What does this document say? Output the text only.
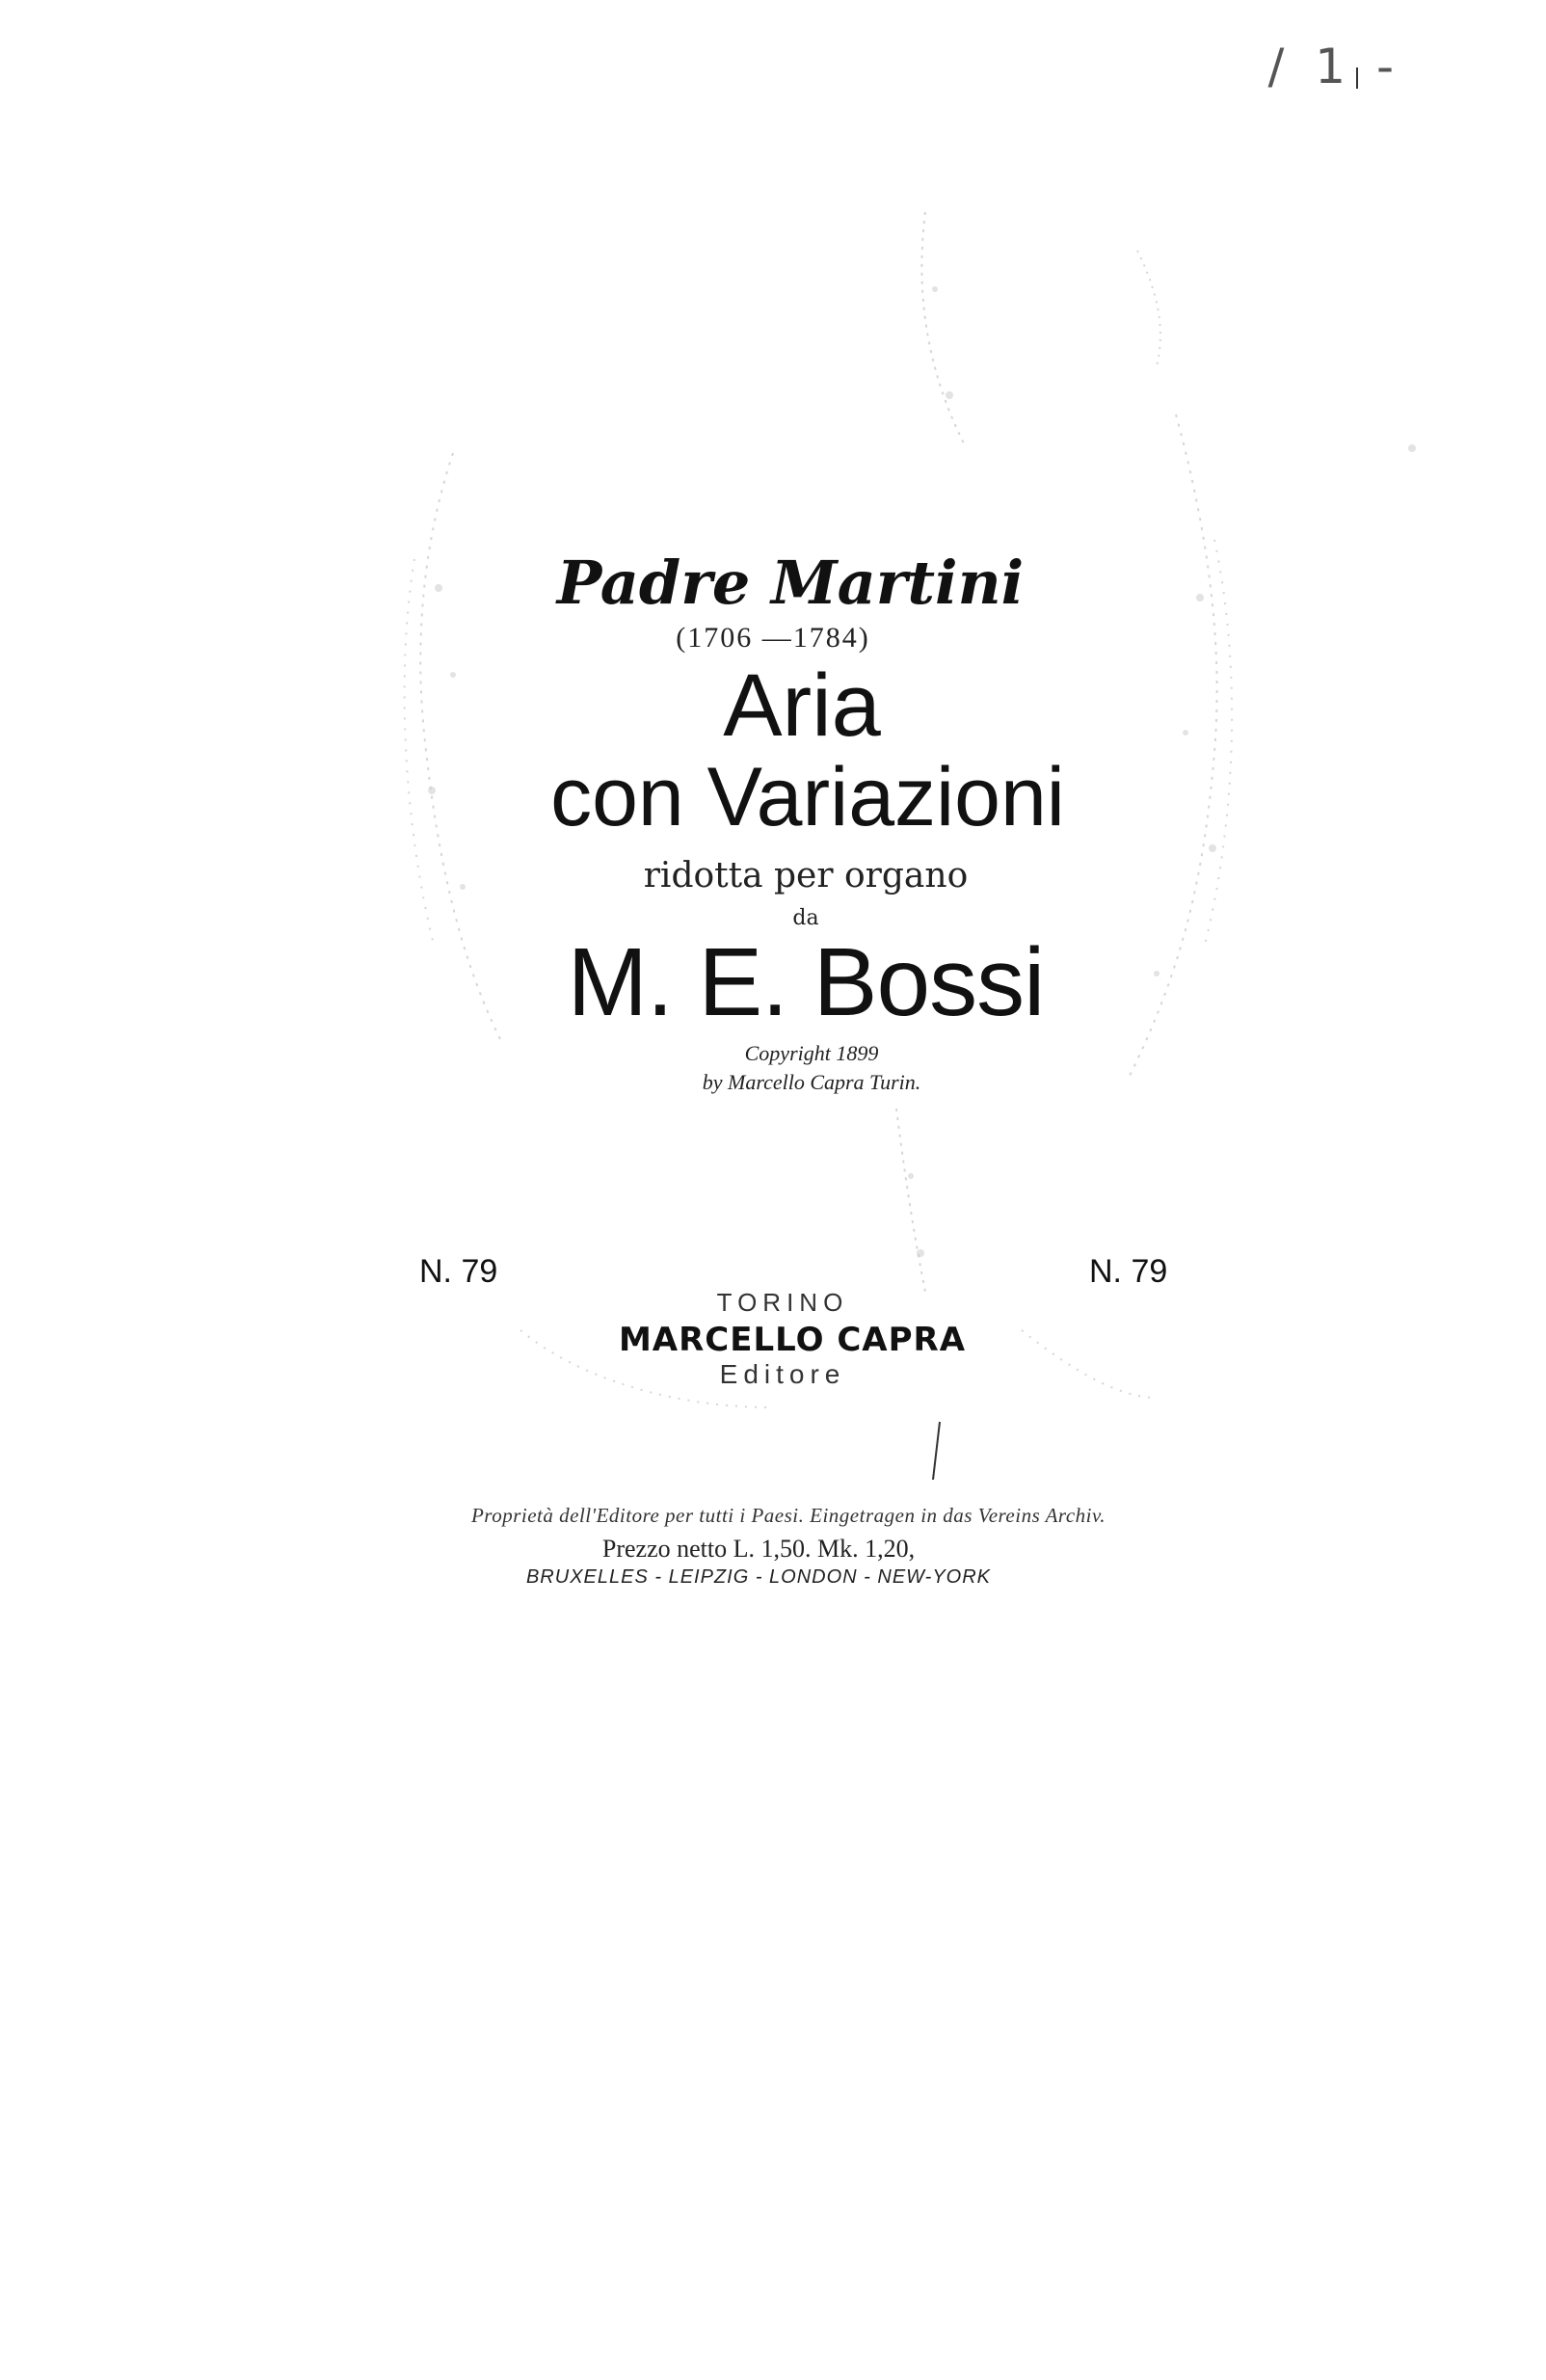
/ 1 -
Padre Martini
(1706 —1784)
Aria
con Variazioni
ridotta per organo
da
M. E. Bossi
Copyright 1899
by Marcello Capra Turin.
N. 79	N. 79
TORINO
MARCELLO CAPRA
Editore
Proprietà dell'Editore per tutti i Paesi. Eingetragen in das Vereins Archiv.
Prezzo netto L. 1,50. Mk. 1,20,
BRUXELLES - LEIPZIG - LONDON - NEW-YORK
